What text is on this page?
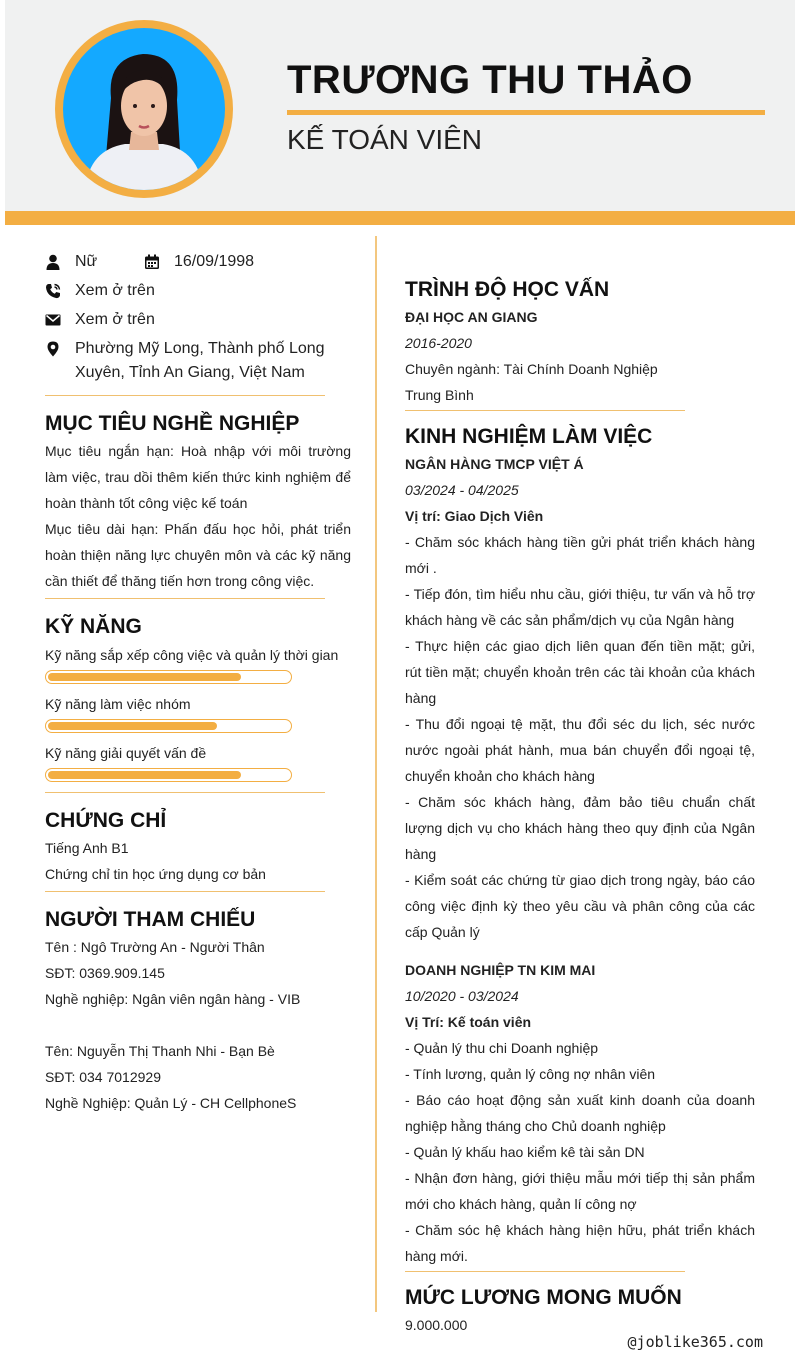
TRƯƠNG THU THẢO
KẾ TOÁN VIÊN
Nữ	16/09/1998
Xem ở trên
Xem ở trên
Phường Mỹ Long, Thành phố Long Xuyên, Tỉnh An Giang, Việt Nam
MỤC TIÊU NGHỀ NGHIỆP
Mục tiêu ngắn hạn: Hoà nhập với môi trường làm việc, trau dồi thêm kiến thức kinh nghiệm để hoàn thành tốt công việc kế toán
Mục tiêu dài hạn: Phấn đấu học hỏi, phát triển hoàn thiện năng lực chuyên môn và các kỹ năng cần thiết để thăng tiến hơn trong công việc.
KỸ NĂNG
Kỹ năng sắp xếp công việc và quản lý thời gian
Kỹ năng làm việc nhóm
Kỹ năng giải quyết vấn đề
CHỨNG CHỈ
Tiếng Anh B1
Chứng chỉ tin học ứng dụng cơ bản
NGƯỜI THAM CHIẾU
Tên : Ngô Trường An - Người Thân
SĐT: 0369.909.145
Nghề nghiệp: Ngân viên ngân hàng - VIB
Tên: Nguyễn Thị Thanh Nhi - Bạn Bè
SĐT: 034 7012929
Nghề Nghiệp: Quản Lý - CH CellphoneS
TRÌNH ĐỘ HỌC VẤN
ĐẠI HỌC AN GIANG
2016-2020
Chuyên ngành: Tài Chính Doanh Nghiệp
Trung Bình
KINH NGHIỆM LÀM VIỆC
NGÂN HÀNG TMCP VIỆT Á
03/2024 - 04/2025
Vị trí: Giao Dịch Viên
- Chăm sóc khách hàng tiền gửi phát triển khách hàng mới .
- Tiếp đón, tìm hiểu nhu cầu, giới thiệu, tư vấn và hỗ trợ khách hàng về các sản phẩm/dịch vụ của Ngân hàng
- Thực hiện các giao dịch liên quan đến tiền mặt; gửi, rút tiền mặt; chuyển khoản trên các tài khoản của khách hàng
- Thu đổi ngoại tệ mặt, thu đổi séc du lịch, séc nước nước ngoài phát hành, mua bán chuyển đổi ngoại tệ, chuyển khoản cho khách hàng
- Chăm sóc khách hàng, đảm bảo tiêu chuẩn chất lượng dịch vụ cho khách hàng theo quy định của Ngân hàng
- Kiểm soát các chứng từ giao dịch trong ngày, báo cáo công việc định kỳ theo yêu cầu và phân công của các cấp Quản lý
DOANH NGHIỆP TN KIM MAI
10/2020 - 03/2024
Vị Trí: Kế toán viên
- Quản lý thu chi Doanh nghiệp
- Tính lương, quản lý công nợ nhân viên
- Báo cáo hoạt động sản xuất kinh doanh của doanh nghiệp hằng tháng cho Chủ doanh nghiệp
- Quản lý khấu hao kiểm kê tài sản DN
- Nhận đơn hàng, giới thiệu mẫu mới tiếp thị sản phẩm mới cho khách hàng, quản lí công nợ
- Chăm sóc hệ khách hàng hiện hữu, phát triển khách hàng mới.
MỨC LƯƠNG MONG MUỐN
9.000.000
@joblike365.com
